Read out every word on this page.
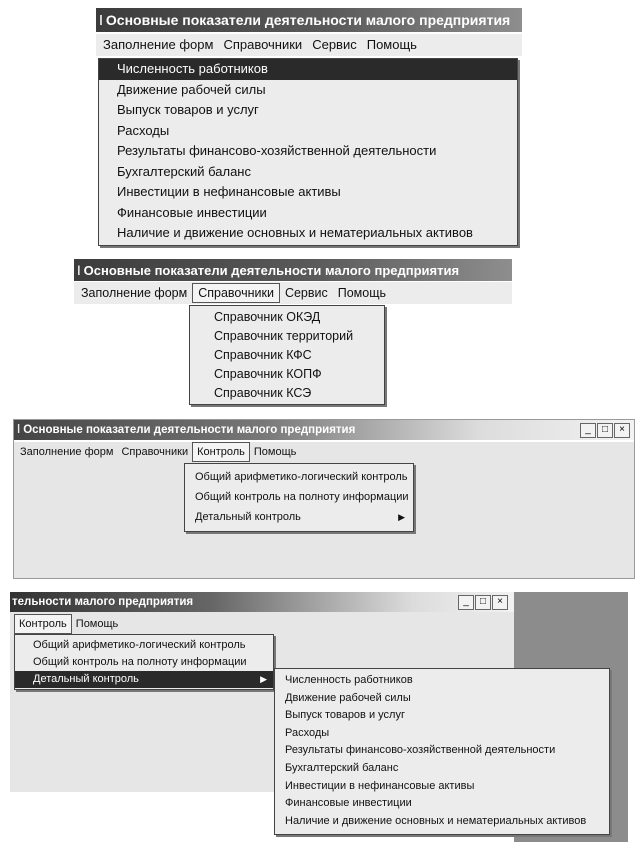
ǀ Основные показатели деятельности малого предприятия
Заполнение форм Справочники Сервис Помощь
Численность работников
Движение рабочей силы
Выпуск товаров и услуг
Расходы
Результаты финансово-хозяйственной деятельности
Бухгалтерский баланс
Инвестиции в нефинансовые активы
Финансовые инвестиции
Наличие и движение основных и нематериальных активов
ǀ Основные показатели деятельности малого предприятия
Заполнение форм Справочники Сервис Помощь
Справочник ОКЭД
Справочник территорий
Справочник КФС
Справочник КОПФ
Справочник КСЭ
ǀ Основные показатели деятельности малого предприятия	_	□	×
Заполнение форм Справочники Контроль Помощь
Общий арифметико-логический контроль
Общий контроль на полноту информации
Детальный контроль	▶
тельности малого предприятия	_	□	×
Контроль Помощь
Общий арифметико-логический контроль
Общий контроль на полноту информации
Детальный контроль	▶	Численность работников
Движение рабочей силы
Выпуск товаров и услуг
Расходы
Результаты финансово-хозяйственной деятельности
Бухгалтерский баланс
Инвестиции в нефинансовые активы
Финансовые инвестиции
Наличие и движение основных и нематериальных активов
